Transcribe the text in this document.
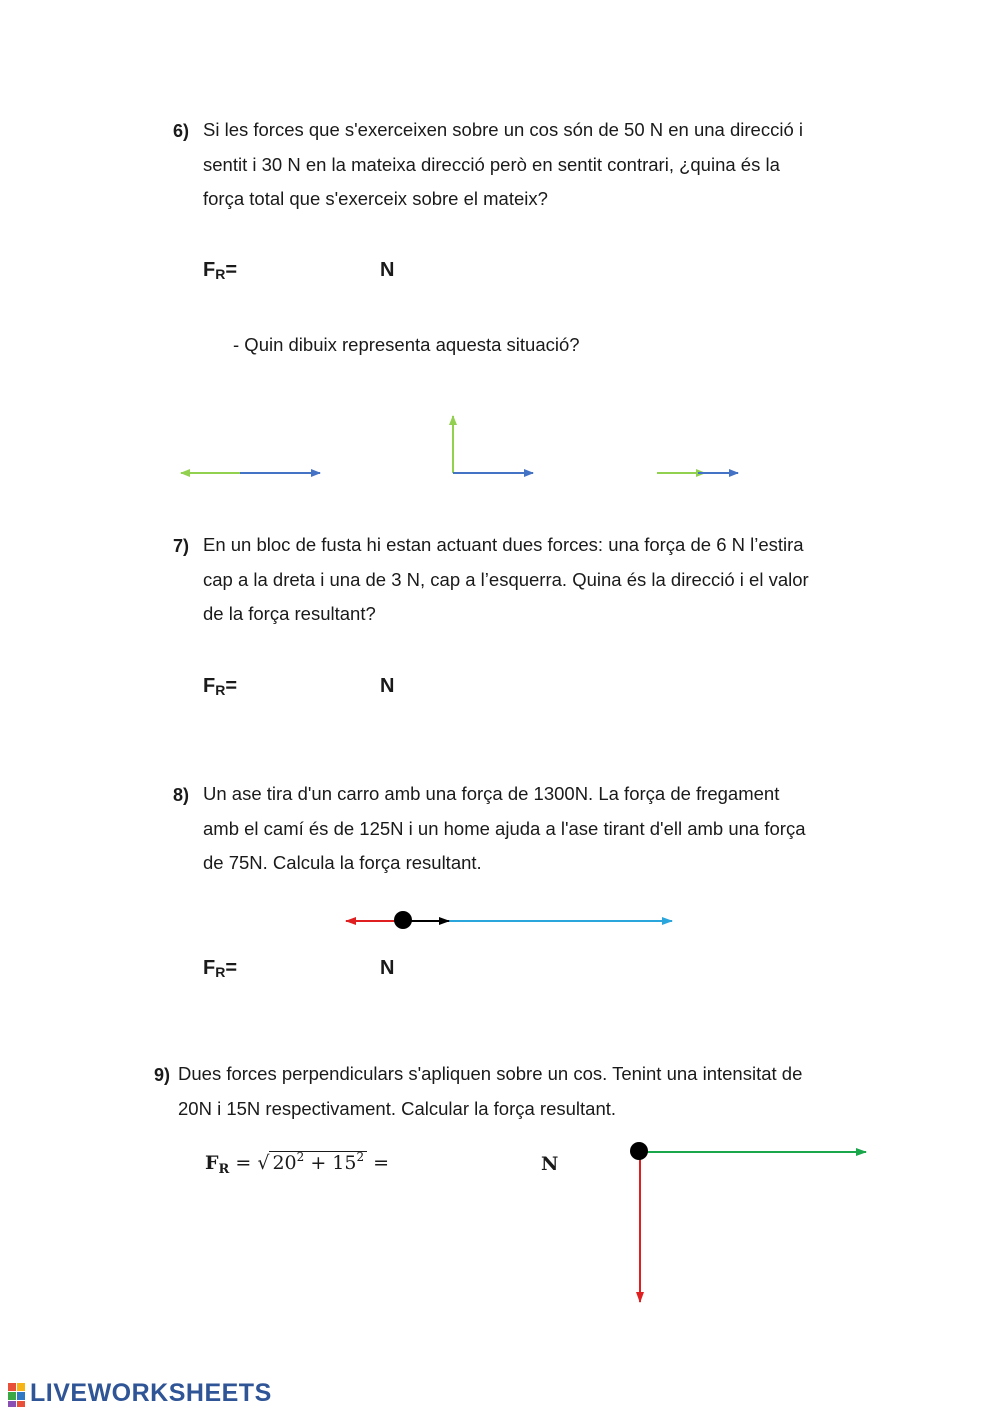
6) Si les forces que s'exerceixen sobre un cos són de 50 N en una direcció i
sentit i 30 N en la mateixa direcció però en sentit contrari, ¿quina és la
força total que s'exerceix sobre el mateix?
$F_R=$	N
- Quin dibuix representa aquesta situació?
7) En un bloc de fusta hi estan actuant dues forces: una força de 6 N l’estira
cap a la dreta i una de 3 N, cap a l’esquerra. Quina és la direcció i el valor
de la força resultant?
$F_R=$	N
8) Un ase tira d'un carro amb una força de 1300N. La força de fregament
amb el camí és de 125N i un home ajuda a l'ase tirant d'ell amb una força
de 75N. Calcula la força resultant.
$F_R=$	N
9) Dues forces perpendiculars s'apliquen sobre un cos. Tenint una intensitat de
20N i 15N respectivament. Calcular la força resultant.
$F_R$ = √ $20^2 + 15^2$ =	N
LIVEWORKSHEETS
